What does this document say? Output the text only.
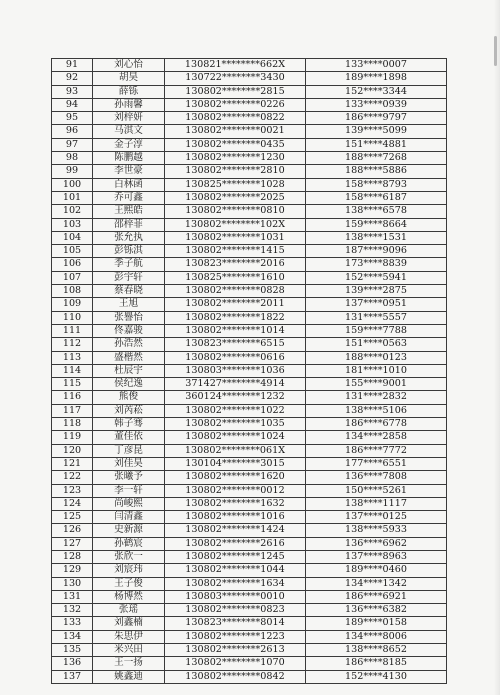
91	刘心怡	130821********662X	133****0007
92	胡昊	130722********3430	189****1898
93	薛铄	130802********2815	152****3344
94	孙雨馨	130802********0226	133****0939
95	刘梓妍	130802********0822	186****9797
96	马淇文	130802********0021	139****5099
97	金子淳	130802********0435	151****4881
98	陈鹏越	130802********1230	188****7268
99	李世豪	130802********2810	188****5886
100	白林函	130825********1028	158****8793
101	乔可鑫	130802********2025	158****6187
102	王熙皓	130802********0810	138****6578
103	邵梓菲	130802********102X	159****8664
104	张允执	130802********1031	138****1531
105	彭铄淇	130802********1415	187****9096
106	季子航	130823********2016	173****8839
107	彭宇轩	130825********1610	152****5941
108	蔡春晓	130802********0828	139****2875
109	王旭	130802********2011	137****0951
110	张譽怡	130802********1822	131****5557
111	佟嘉骏	130802********1014	159****7788
112	孙浩然	130823********6515	151****0563
113	盛楷然	130802********0616	188****0123
114	杜辰宇	130803********1036	181****1010
115	侯纪逸	371427********4914	155****9001
116	熊俊	360124********1232	131****2832
117	刘芮菘	130802********1022	138****5106
118	韩子骞	130802********1035	186****6778
119	董佳依	130802********1024	134****2858
120	丁彦昆	130802********061X	186****7772
121	刘佳昊	130104********3015	177****6551
122	张曦予	130802********1620	136****7808
123	李一轩	130802********0012	150****5261
124	尚峻熙	130802********1632	138****1117
125	闫清鑫	130802********1016	137****0125
126	史新源	130802********1424	138****5933
127	孙鹤宸	130802********2616	136****6962
128	张欣一	130802********1245	137****8963
129	刘宸玮	130802********1044	189****0460
130	王子俊	130802********1634	134****1342
131	杨博然	130803********0010	186****6921
132	张瑶	130802********0823	136****6382
133	刘鑫楠	130823********8014	189****0158
134	朱思伊	130802********1223	134****8006
135	米兴田	130802********2613	138****8652
136	王一扬	130802********1070	186****8185
137	姚鑫迪	130802********0842	152****4130
